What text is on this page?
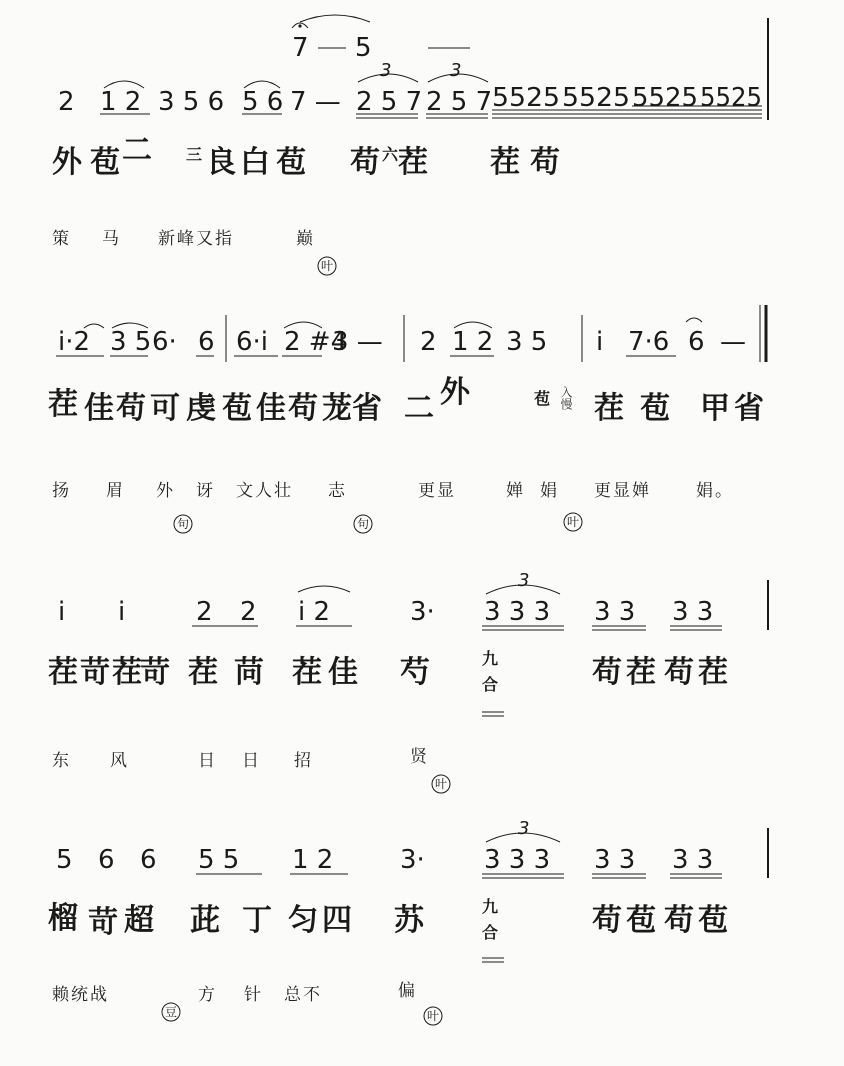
7 5
2 1 2 3 5 6 5 6 7 — 2 5 7
3
2 5 7
3
5525 5525 5525 5525
外 苞 二 三 良 白 苞 苟 六 茬 茬 苟
策 马 新峰又指	巅
叶
i·2 3 5 6· 6 6·i 2 #4
3 — 2 1 2 3 5 i 7·6 6 —
茬 佳 苟 可 虔 苞 佳 苟 茏 省 二 外	苞 入慢 茬 苞 甲 省
扬 眉 外 讶 文人壮 志	更显	婵 娟 更显婵	娟。
句	句	叶
i i	2 2 i 2	3· 3 3 3
3
3 3 3 3
茬 苛 茬
苛 茬 苘 茬 佳 芍	九
合	苟 茬 苟 茬
东 风	日 日 招	贤
叶
5 6 6 5 5 1 2	3· 3 3 3
3
3 3 3 3
榴 苛 超 茈 丁 匀 四 苏	九
合	苟 苞 苟 苞
赖统战	方 针 总不	偏
豆	叶
